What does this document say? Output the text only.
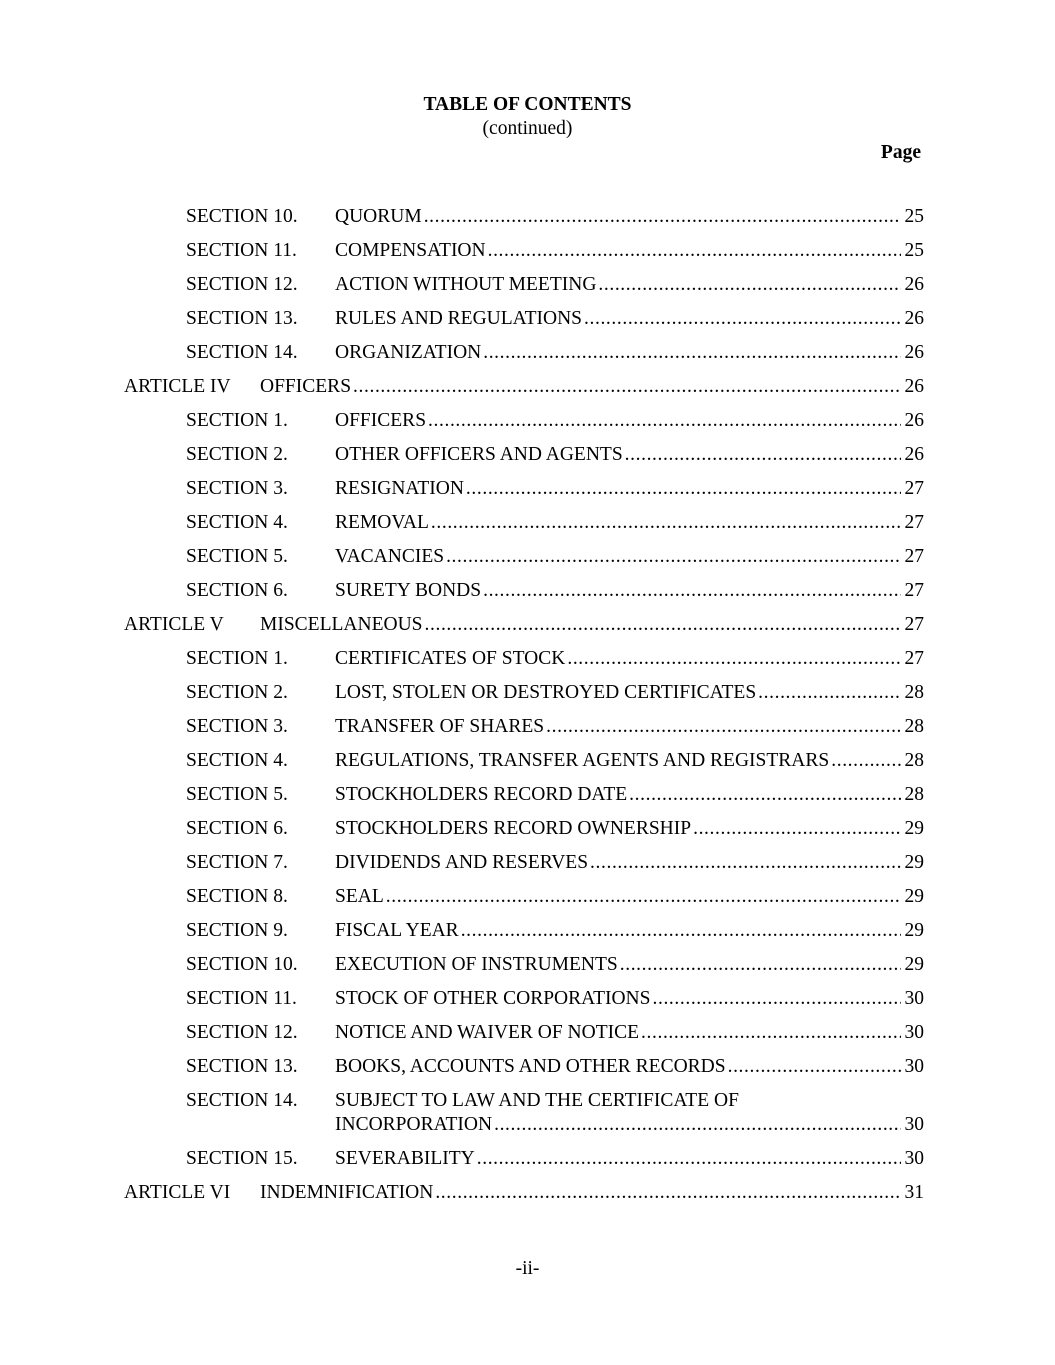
TABLE OF CONTENTS
(continued)
Page
SECTION 10. QUORUM .....	25
SECTION 11. COMPENSATION .....	25
SECTION 12. ACTION WITHOUT MEETING .....	26
SECTION 13. RULES AND REGULATIONS .....	26
SECTION 14. ORGANIZATION .....	26
ARTICLE IV OFFICERS .....	26
SECTION 1. OFFICERS .....	26
SECTION 2. OTHER OFFICERS AND AGENTS .....	26
SECTION 3. RESIGNATION .....	27
SECTION 4. REMOVAL .....	27
SECTION 5. VACANCIES .....	27
SECTION 6. SURETY BONDS .....	27
ARTICLE V MISCELLANEOUS .....	27
SECTION 1. CERTIFICATES OF STOCK .....	27
SECTION 2. LOST, STOLEN OR DESTROYED CERTIFICATES .....	28
SECTION 3. TRANSFER OF SHARES .....	28
SECTION 4. REGULATIONS, TRANSFER AGENTS AND REGISTRARS .....	28
SECTION 5. STOCKHOLDERS RECORD DATE .....	28
SECTION 6. STOCKHOLDERS RECORD OWNERSHIP .....	29
SECTION 7. DIVIDENDS AND RESERVES .....	29
SECTION 8. SEAL .....	29
SECTION 9. FISCAL YEAR .....	29
SECTION 10. EXECUTION OF INSTRUMENTS .....	29
SECTION 11. STOCK OF OTHER CORPORATIONS .....	30
SECTION 12. NOTICE AND WAIVER OF NOTICE .....	30
SECTION 13. BOOKS, ACCOUNTS AND OTHER RECORDS .....	30
SECTION 14. SUBJECT TO LAW AND THE CERTIFICATE OF
INCORPORATION .....	30
SECTION 15. SEVERABILITY .....	30
ARTICLE VI INDEMNIFICATION .....	31
-ii-
